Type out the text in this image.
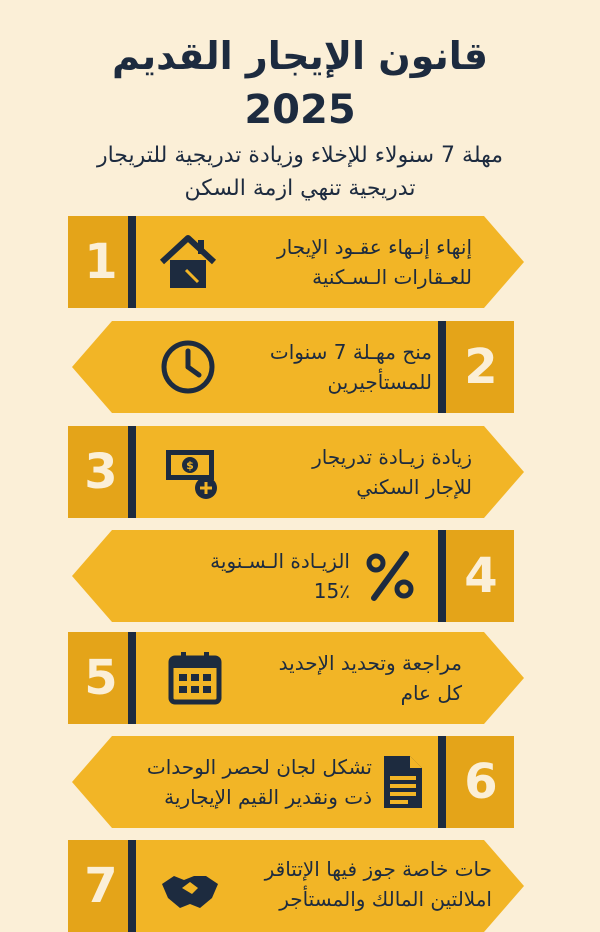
قانون الإيجار القديم
2025
مهلة 7 سنولاء للإخلاء وزيادة تدريجية للتريجار
تدريجية تنهي ازمة السكن
1	إنهاء إنـهاء عقـود الإيجار
للعـقارات الـسـكنية
2
منح مهـلة 7 سنوات
للمستأجيرين
3	$	زيادة زيـادة تدريجار
للإجار السكني
4
الزيـادة الـسـنوية
15٪
5	مراجعة وتحديد الإحديد
كل عام
6
تشكل لجان لحصر الوحدات
ذت ونقدير القيم الإيجارية
7	حات خاصة جوز فيها الإتتاقر
املالتين المالك والمستأجر
